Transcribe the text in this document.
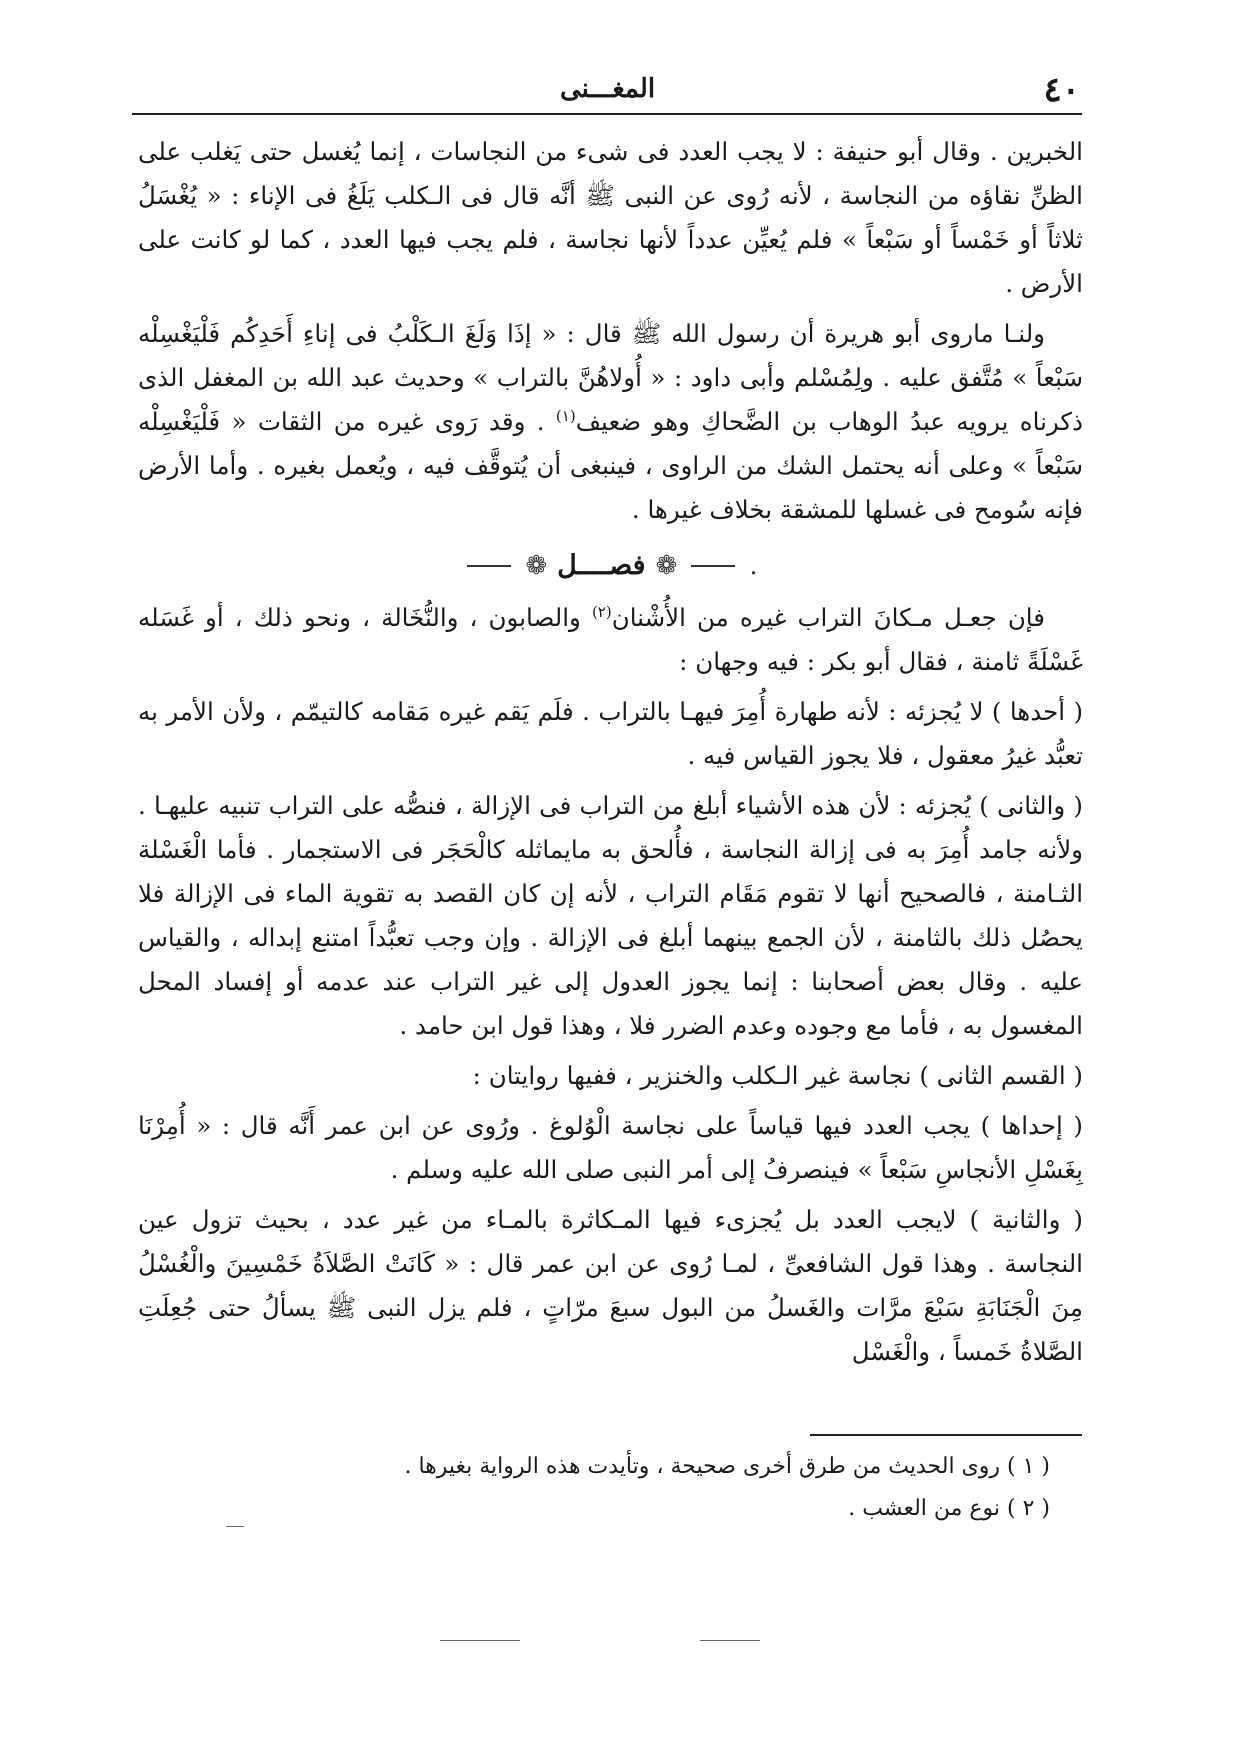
٤٠
المغـــنى

الخبرين . وقال أبو حنيفة : لا يجب العدد فى شىء من النجاسات ، إنما يُغسل حتى يَغلب على الظنِّ نقاؤه من النجاسة ، لأنه رُوى عن النبى ﷺ أنَّه قال فى الـكلب يَلَغُ فى الإناء : « يُغْسَلُ ثلاثاً أو خَمْساً أو سَبْعاً » فلم يُعيِّن عدداً لأنها نجاسة ، فلم يجب فيها العدد ، كما لو كانت على الأرض .

ولنـا ماروى أبو هريرة أن رسول الله ﷺ قال : « إذَا وَلَغَ الـكَلْبُ فى إناءِ أَحَدِكُم فَلْيَغْسِلْه سَبْعاً » مُتَّفق عليه . ولِمُسْلم وأبى داود : « أُولاهُنَّ بالتراب » وحديث عبد الله بن المغفل الذى ذكرناه يرويه عبدُ الوهاب بن الضَّحاكِ وهو ضعيف$^{(١)}$ . وقد رَوى غيره من الثقات « فَلْيَغْسِلْه سَبْعاً » وعلى أنه يحتمل الشك من الراوى ، فينبغى أن يُتوقَّف فيه ، ويُعمل بغيره . وأما الأرض فإنه سُومح فى غسلها للمشقة بخلاف غيرها .

.
❁
فصــــل
❁

فإن جعـل مـكانَ التراب غيره من الأُشْنان$^{(٢)}$ والصابون ، والنُّخَالة ، ونحو ذلك ، أو غَسَله غَسْلَةً ثامنة ، فقال أبو بكر : فيه وجهان :

( أحدها ) لا يُجزئه : لأنه طهارة أُمِرَ فيهـا بالتراب . فلَم يَقم غيره مَقامه كالتيمّم ، ولأن الأمر به تعبُّد غيرُ معقول ، فلا يجوز القياس فيه .

( والثانى ) يُجزئه : لأن هذه الأشياء أبلغ من التراب فى الإزالة ، فنصُّه على التراب تنبيه عليهـا . ولأنه جامد أُمِرَ به فى إزالة النجاسة ، فأُلحق به مايماثله كالْحَجَر فى الاستجمار . فأما الْغَسْلة الثـامنة ، فالصحيح أنها لا تقوم مَقَام التراب ، لأنه إن كان القصد به تقوية الماء فى الإزالة فلا يحصُل ذلك بالثامنة ، لأن الجمع بينهما أبلغ فى الإزالة . وإن وجب تعبُّداً امتنع إبداله ، والقياس عليه . وقال بعض أصحابنا : إنما يجوز العدول إلى غير التراب عند عدمه أو إفساد المحل المغسول به ، فأما مع وجوده وعدم الضرر فلا ، وهذا قول ابن حامد .

( القسم الثانى ) نجاسة غير الـكلب والخنزير ، ففيها روايتان :

( إحداها ) يجب العدد فيها قياساً على نجاسة الْوُلوغ . ورُوى عن ابن عمر أَنَّه قال : « أُمِرْنَا بِغَسْلِ الأنجاسِ سَبْعاً » فينصرفُ إلى أمر النبى صلى الله عليه وسلم .

( والثانية ) لايجب العدد بل يُجزىء فيها المـكاثرة بالمـاء من غير عدد ، بحيث تزول عين النجاسة . وهذا قول الشافعىِّ ، لمـا رُوى عن ابن عمر قال : « كَانَتْ الصَّلاَةُ خَمْسِينَ والْغُسْلُ مِنَ الْجَنَابَةِ سَبْعَ مرَّات والغَسلُ من البول سبعَ مرّاتٍ ، فلم يزل النبى ﷺ يسألُ حتى جُعِلَتِ الصَّلاةُ خَمساً ، والْغَسْل

( ١ ) روى الحديث من طرق أخرى صحيحة ، وتأيدت هذه الرواية بغيرها .

( ٢ ) نوع من العشب .
